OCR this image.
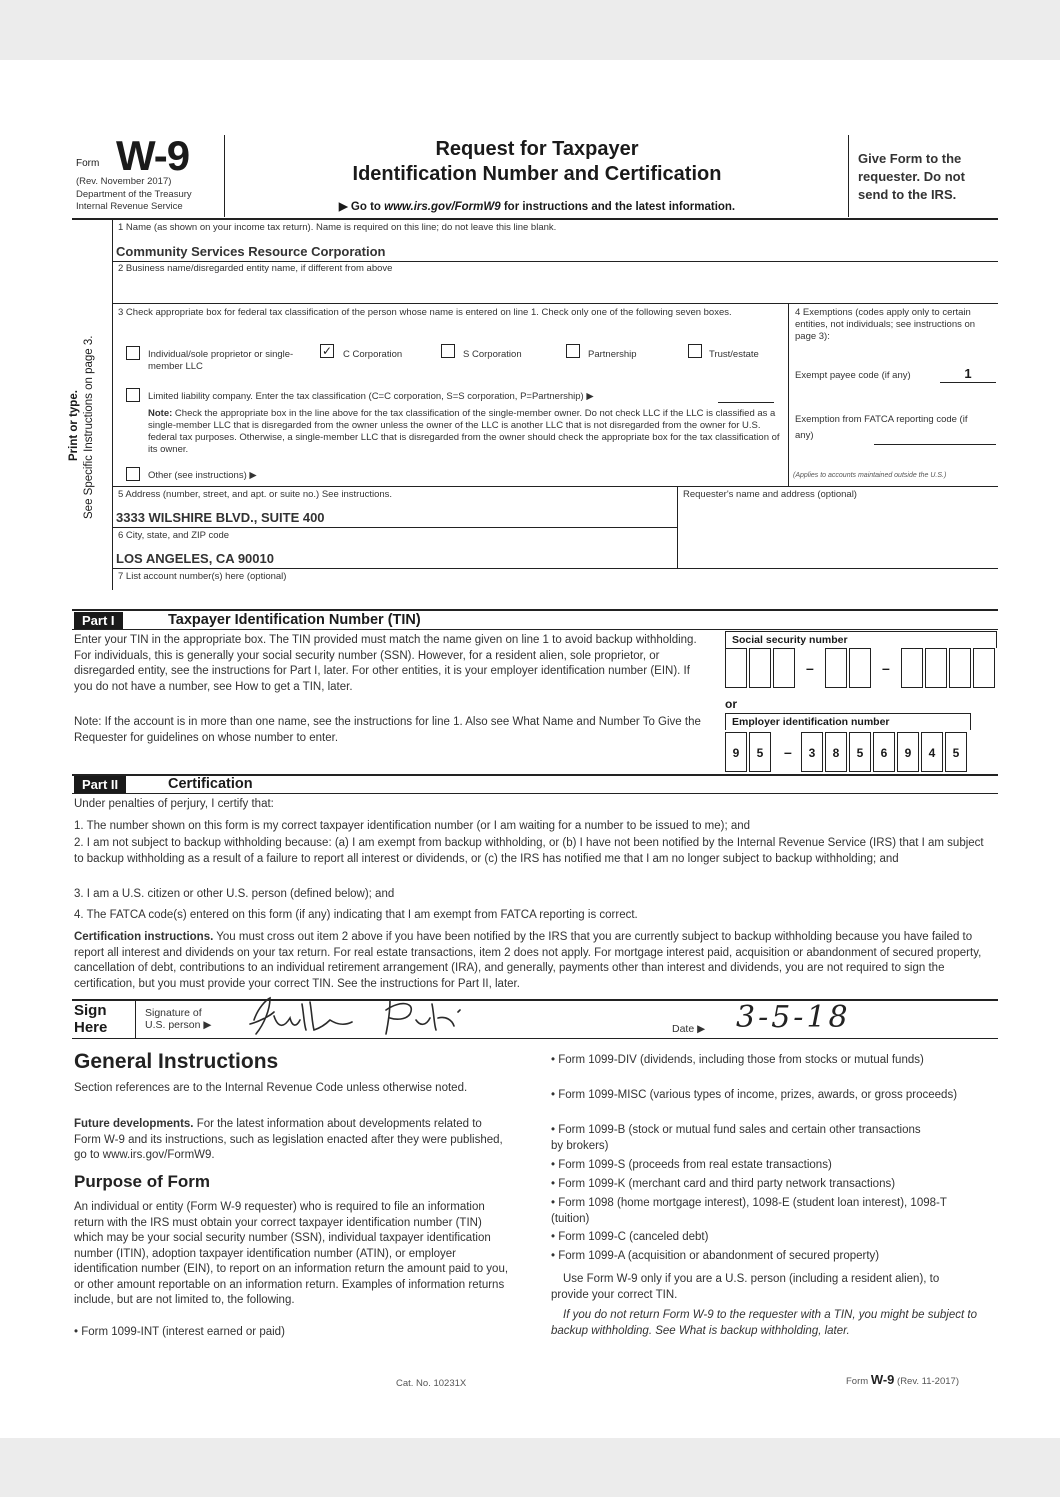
Form W-9
(Rev. November 2017)
Department of the Treasury
Internal Revenue Service
Request for Taxpayer
Identification Number and Certification
▶ Go to www.irs.gov/FormW9 for instructions and the latest information.
Give Form to the requester. Do not send to the IRS.
Print or type. See Specific Instructions on page 3.
1 Name (as shown on your income tax return). Name is required on this line; do not leave this line blank.
Community Services Resource Corporation
2 Business name/disregarded entity name, if different from above
3 Check appropriate box for federal tax classification of the person whose name is entered on line 1. Check only one of the following seven boxes.
Individual/sole proprietor or single-member LLC
✓ C Corporation	S Corporation	Partnership	Trust/estate
Limited liability company. Enter the tax classification (C=C corporation, S=S corporation, P=Partnership) ▶
Note: Check the appropriate box in the line above for the tax classification of the single-member owner. Do not check LLC if the LLC is classified as a single-member LLC that is disregarded from the owner unless the owner of the LLC is another LLC that is not disregarded from the owner for U.S. federal tax purposes. Otherwise, a single-member LLC that is disregarded from the owner should check the appropriate box for the tax classification of its owner.
Other (see instructions) ▶
4 Exemptions (codes apply only to certain entities, not individuals; see instructions on page 3):
Exempt payee code (if any)	1
Exemption from FATCA reporting code (if any)
(Applies to accounts maintained outside the U.S.)
5 Address (number, street, and apt. or suite no.) See instructions.
3333 WILSHIRE BLVD., SUITE 400
6 City, state, and ZIP code
LOS ANGELES, CA 90010
Requester's name and address (optional)
7 List account number(s) here (optional)
Part I	Taxpayer Identification Number (TIN)
Enter your TIN in the appropriate box. The TIN provided must match the name given on line 1 to avoid backup withholding. For individuals, this is generally your social security number (SSN). However, for a resident alien, sole proprietor, or disregarded entity, see the instructions for Part I, later. For other entities, it is your employer identification number (EIN). If you do not have a number, see How to get a TIN, later.
Note: If the account is in more than one name, see the instructions for line 1. Also see What Name and Number To Give the Requester for guidelines on whose number to enter.
Social security number
–	–
or
Employer identification number
9	5	–	3	8	5	6	9	4	5
Part II	Certification
Under penalties of perjury, I certify that:
1. The number shown on this form is my correct taxpayer identification number (or I am waiting for a number to be issued to me); and
2. I am not subject to backup withholding because: (a) I am exempt from backup withholding, or (b) I have not been notified by the Internal Revenue Service (IRS) that I am subject to backup withholding as a result of a failure to report all interest or dividends, or (c) the IRS has notified me that I am no longer subject to backup withholding; and
3. I am a U.S. citizen or other U.S. person (defined below); and
4. The FATCA code(s) entered on this form (if any) indicating that I am exempt from FATCA reporting is correct.
Certification instructions. You must cross out item 2 above if you have been notified by the IRS that you are currently subject to backup withholding because you have failed to report all interest and dividends on your tax return. For real estate transactions, item 2 does not apply. For mortgage interest paid, acquisition or abandonment of secured property, cancellation of debt, contributions to an individual retirement arrangement (IRA), and generally, payments other than interest and dividends, you are not required to sign the certification, but you must provide your correct TIN. See the instructions for Part II, later.
Sign
Here
Signature of
U.S. person ▶	Date ▶ 3-5-18
General Instructions
Section references are to the Internal Revenue Code unless otherwise noted.
Future developments. For the latest information about developments related to Form W-9 and its instructions, such as legislation enacted after they were published, go to www.irs.gov/FormW9.
Purpose of Form
An individual or entity (Form W-9 requester) who is required to file an information return with the IRS must obtain your correct taxpayer identification number (TIN) which may be your social security number (SSN), individual taxpayer identification number (ITIN), adoption taxpayer identification number (ATIN), or employer identification number (EIN), to report on an information return the amount paid to you, or other amount reportable on an information return. Examples of information returns include, but are not limited to, the following.
• Form 1099-INT (interest earned or paid)
• Form 1099-DIV (dividends, including those from stocks or mutual funds)
• Form 1099-MISC (various types of income, prizes, awards, or gross proceeds)
• Form 1099-B (stock or mutual fund sales and certain other transactions by brokers)
• Form 1099-S (proceeds from real estate transactions)
• Form 1099-K (merchant card and third party network transactions)
• Form 1098 (home mortgage interest), 1098-E (student loan interest), 1098-T (tuition)
• Form 1099-C (canceled debt)
• Form 1099-A (acquisition or abandonment of secured property)
Use Form W-9 only if you are a U.S. person (including a resident alien), to provide your correct TIN.
If you do not return Form W-9 to the requester with a TIN, you might be subject to backup withholding. See What is backup withholding, later.
Cat. No. 10231X	Form W-9 (Rev. 11-2017)
